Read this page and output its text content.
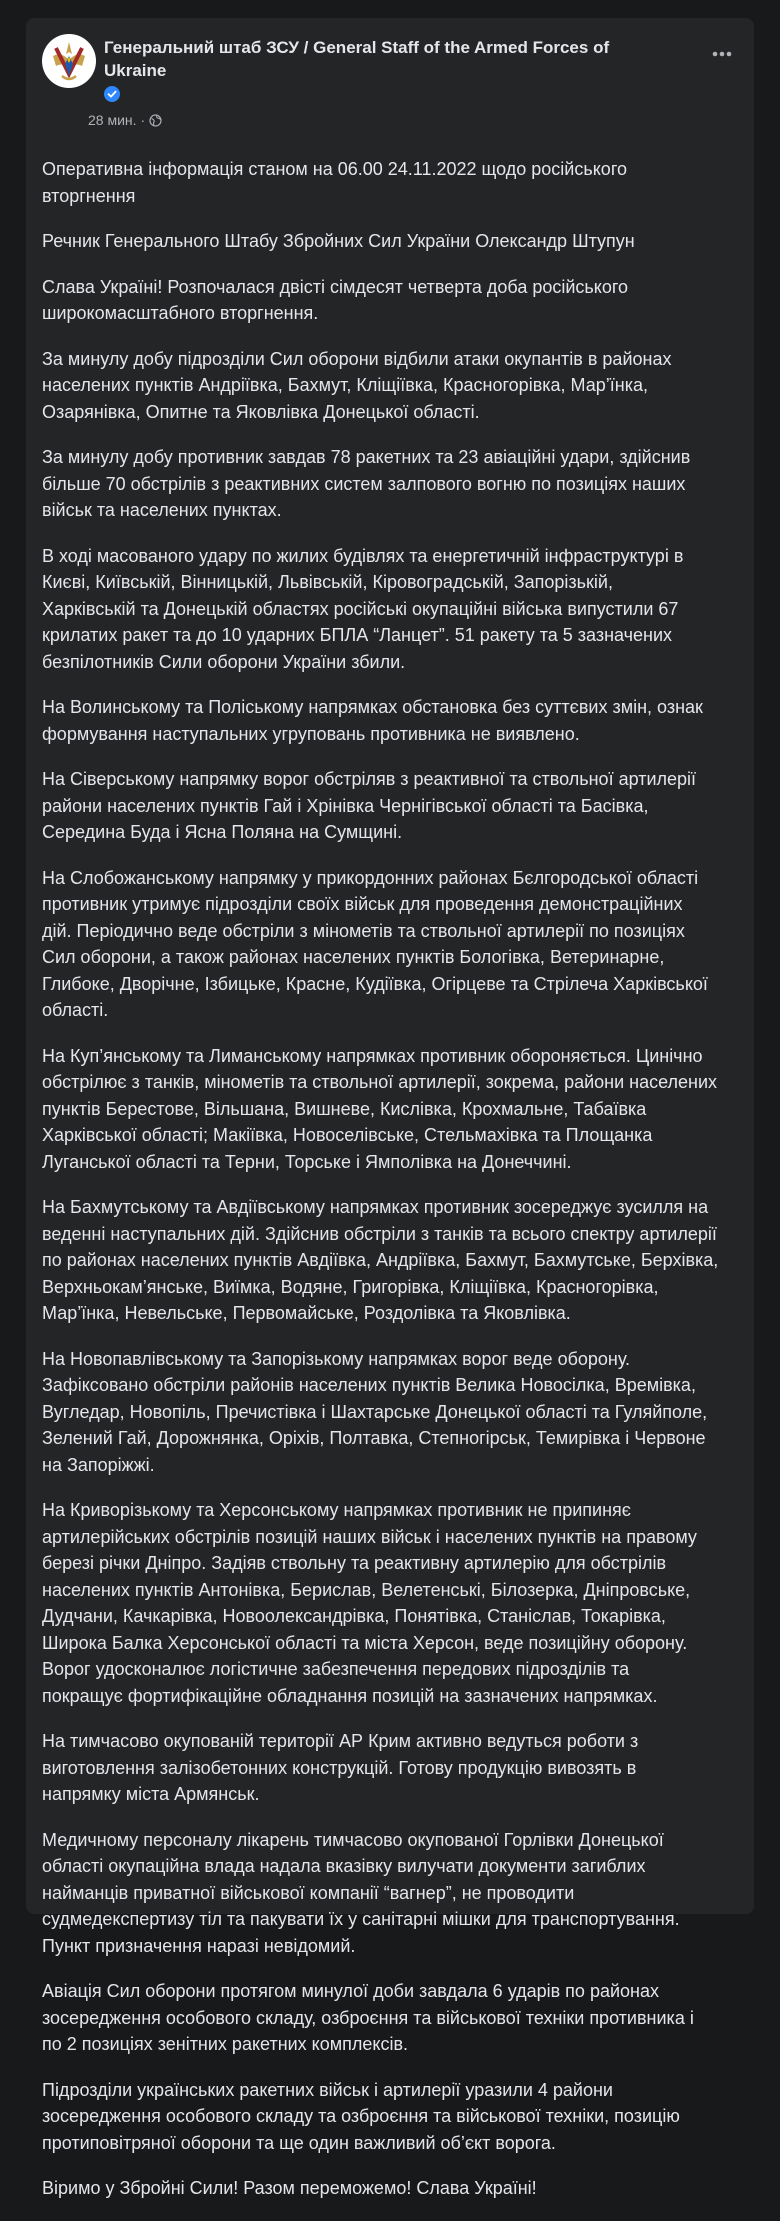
Генеральний штаб ЗСУ / General Staff of the Armed Forces of Ukraine
28 мин. ·

Оперативна інформація станом на 06.00 24.11.2022 щодо російського
вторгнення

Речник Генерального Штабу Збройних Сил України Олександр Штупун

Слава Україні! Розпочалася двісті сімдесят четверта доба російського
широкомасштабного вторгнення.

За минулу добу підрозділи Сил оборони відбили атаки окупантів в районах
населених пунктів Андріївка, Бахмут, Кліщіївка, Красногорівка, Мар’їнка,
Озарянівка, Опитне та Яковлівка Донецької області.

За минулу добу противник завдав 78 ракетних та 23 авіаційні удари, здійснив
більше 70 обстрілів з реактивних систем залпового вогню по позиціях наших
військ та населених пунктах.

В ході масованого удару по жилих будівлях та енергетичній інфраструктурі в
Києві, Київській, Вінницькій, Львівській, Кіровоградській, Запорізькій,
Харківській та Донецькій областях російські окупаційні війська випустили 67
крилатих ракет та до 10 ударних БПЛА “Ланцет”. 51 ракету та 5 зазначених
безпілотників Сили оборони України збили.

На Волинському та Поліському напрямках обстановка без суттєвих змін, ознак
формування наступальних угруповань противника не виявлено.

На Сіверському напрямку ворог обстріляв з реактивної та ствольної артилерії
райони населених пунктів Гай і Хрінівка Чернігівської області та Басівка,
Середина Буда і Ясна Поляна на Сумщині.

На Слобожанському напрямку у прикордонних районах Бєлгородської області
противник утримує підрозділи своїх військ для проведення демонстраційних
дій. Періодично веде обстріли з мінометів та ствольної артилерії по позиціях
Сил оборони, а також районах населених пунктів Бологівка, Ветеринарне,
Глибоке, Дворічне, Ізбицьке, Красне, Кудіївка, Огірцеве та Стрілеча Харківської
області.

На Куп’янському та Лиманському напрямках противник обороняється. Цинічно
обстрілює з танків, мінометів та ствольної артилерії, зокрема, райони населених
пунктів Берестове, Вільшана, Вишневе, Кислівка, Крохмальне, Табаївка
Харківської області; Макіївка, Новоселівське, Стельмахівка та Площанка
Луганської області та Терни, Торське і Ямполівка на Донеччині.

На Бахмутському та Авдіївському напрямках противник зосереджує зусилля на
веденні наступальних дій. Здійснив обстріли з танків та всього спектру артилерії
по районах населених пунктів Авдіївка, Андріївка, Бахмут, Бахмутське, Берхівка,
Верхньокам’янське, Виїмка, Водяне, Григорівка, Кліщіївка, Красногорівка,
Мар’їнка, Невельське, Первомайське, Роздолівка та Яковлівка.

На Новопавлівському та Запорізькому напрямках ворог веде оборону.
Зафіксовано обстріли районів населених пунктів Велика Новосілка, Времівка,
Вугледар, Новопіль, Пречистівка і Шахтарське Донецької області та Гуляйполе,
Зелений Гай, Дорожнянка, Оріхів, Полтавка, Степногірськ, Темирівка і Червоне
на Запоріжжі.

На Криворізькому та Херсонському напрямках противник не припиняє
артилерійських обстрілів позицій наших військ і населених пунктів на правому
березі річки Дніпро. Задіяв ствольну та реактивну артилерію для обстрілів
населених пунктів Антонівка, Берислав, Велетенські, Білозерка, Дніпровське,
Дудчани, Качкарівка, Новоолександрівка, Понятівка, Станіслав, Токарівка,
Широка Балка Херсонської області та міста Херсон, веде позиційну оборону.
Ворог удосконалює логістичне забезпечення передових підрозділів та
покращує фортифікаційне обладнання позицій на зазначених напрямках.

На тимчасово окупованій території АР Крим активно ведуться роботи з
виготовлення залізобетонних конструкцій. Готову продукцію вивозять в
напрямку міста Армянськ.

Медичному персоналу лікарень тимчасово окупованої Горлівки Донецької
області окупаційна влада надала вказівку вилучати документи загиблих
найманців приватної військової компанії “вагнер”, не проводити
судмедекспертизу тіл та пакувати їх у санітарні мішки для транспортування.
Пункт призначення наразі невідомий.

Авіація Сил оборони протягом минулої доби завдала 6 ударів по районах
зосередження особового складу, озброєння та військової техніки противника і
по 2 позиціях зенітних ракетних комплексів.

Підрозділи українських ракетних військ і артилерії уразили 4 райони
зосередження особового складу та озброєння та військової техніки, позицію
протиповітряної оборони та ще один важливий об’єкт ворога.

Віримо у Збройні Сили! Разом переможемо! Слава Україні!
